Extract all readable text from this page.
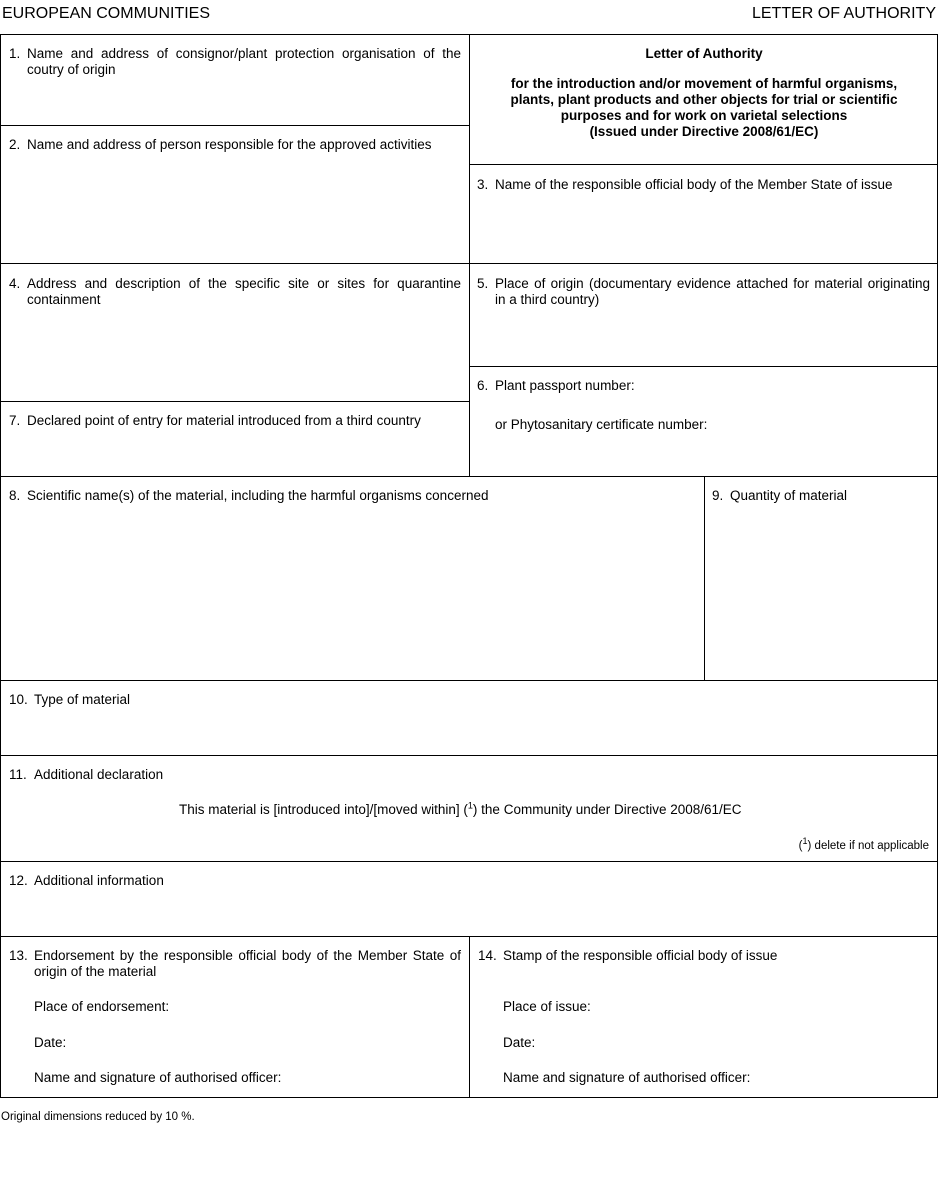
EUROPEAN COMMUNITIES	LETTER OF AUTHORITY
1. Name and address of consignor/plant protection organisation of the coutry of origin
Letter of Authority
for the introduction and/or movement of harmful organisms,
plants, plant products and other objects for trial or scientific
purposes and for work on varietal selections
(Issued under Directive 2008/61/EC)
2. Name and address of person responsible for the approved activities
3. Name of the responsible official body of the Member State of issue
4. Address and description of the specific site or sites for quarantine containment
5. Place of origin (documentary evidence attached for material originating in a third country)
6. Plant passport number:
or Phytosanitary certificate number:
7. Declared point of entry for material introduced from a third country
8. Scientific name(s) of the material, including the harmful organisms concerned	9. Quantity of material
10. Type of material
11. Additional declaration
This material is [introduced into]/[moved within] ($^1$) the Community under Directive 2008/61/EC
($^1$) delete if not applicable
12. Additional information
13. Endorsement by the responsible official body of the Member State of origin of the material
Place of endorsement:
Date:
Name and signature of authorised officer:
14. Stamp of the responsible official body of issue
Place of issue:
Date:
Name and signature of authorised officer:
Original dimensions reduced by 10 %.
